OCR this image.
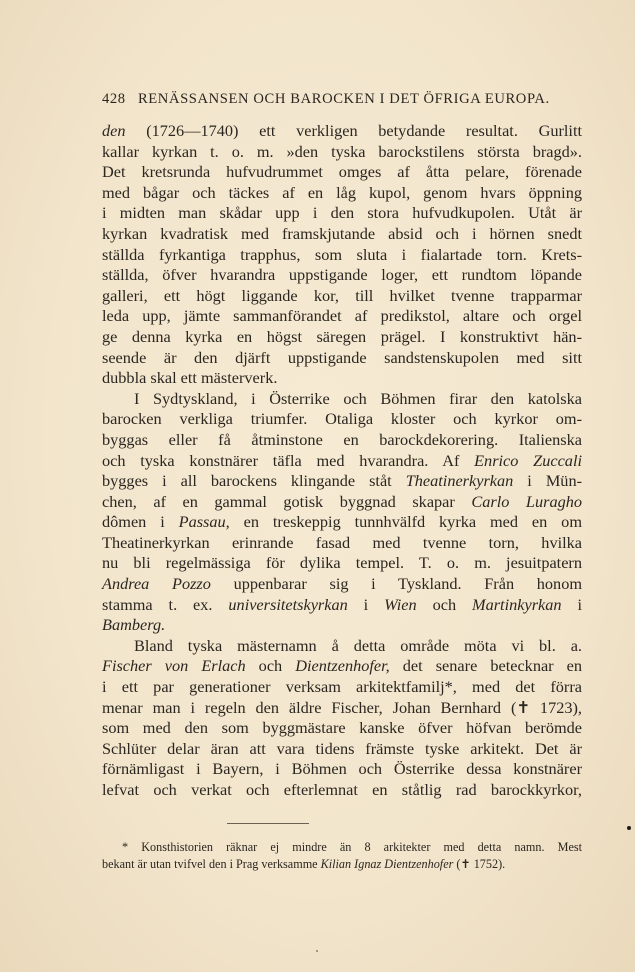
428 RENÄSSANSEN OCH BAROCKEN I DET ÖFRIGA EUROPA.
den (1726—1740) ett verkligen betydande resultat. Gurlitt
kallar kyrkan t. o. m. »den tyska barockstilens största bragd».
Det kretsrunda hufvudrummet omges af åtta pelare, förenade
med bågar och täckes af en låg kupol, genom hvars öppning
i midten man skådar upp i den stora hufvudkupolen. Utåt är
kyrkan kvadratisk med framskjutande absid och i hörnen snedt
ställda fyrkantiga trapphus, som sluta i fialartade torn. Krets-
ställda, öfver hvarandra uppstigande loger, ett rundtom löpande
galleri, ett högt liggande kor, till hvilket tvenne trapparmar
leda upp, jämte sammanförandet af predikstol, altare och orgel
ge denna kyrka en högst säregen prägel. I konstruktivt hän-
seende är den djärft uppstigande sandstenskupolen med sitt
dubbla skal ett mästerverk.
I Sydtyskland, i Österrike och Böhmen firar den katolska
barocken verkliga triumfer. Otaliga kloster och kyrkor om-
byggas eller få åtminstone en barockdekorering. Italienska
och tyska konstnärer täfla med hvarandra. Af Enrico Zuccali
bygges i all barockens klingande ståt Theatinerkyrkan i Mün-
chen, af en gammal gotisk byggnad skapar Carlo Luragho
dômen i Passau, en treskeppig tunnhvälfd kyrka med en om
Theatinerkyrkan erinrande fasad med tvenne torn, hvilka
nu bli regelmässiga för dylika tempel. T. o. m. jesuitpatern
Andrea Pozzo uppenbarar sig i Tyskland. Från honom
stamma t. ex. universitetskyrkan i Wien och Martinkyrkan i
Bamberg.
Bland tyska mästernamn å detta område möta vi bl. a.
Fischer von Erlach och Dientzenhofer, det senare betecknar en
i ett par generationer verksam arkitektfamilj*, med det förra
menar man i regeln den äldre Fischer, Johan Bernhard (✝ 1723),
som med den som byggmästare kanske öfver höfvan berömde
Schlüter delar äran att vara tidens främste tyske arkitekt. Det är
förnämligast i Bayern, i Böhmen och Österrike dessa konstnärer
lefvat och verkat och efterlemnat en ståtlig rad barockkyrkor,
* Konsthistorien räknar ej mindre än 8 arkitekter med detta namn. Mest
bekant är utan tvifvel den i Prag verksamme Kilian Ignaz Dientzenhofer (✝ 1752).
